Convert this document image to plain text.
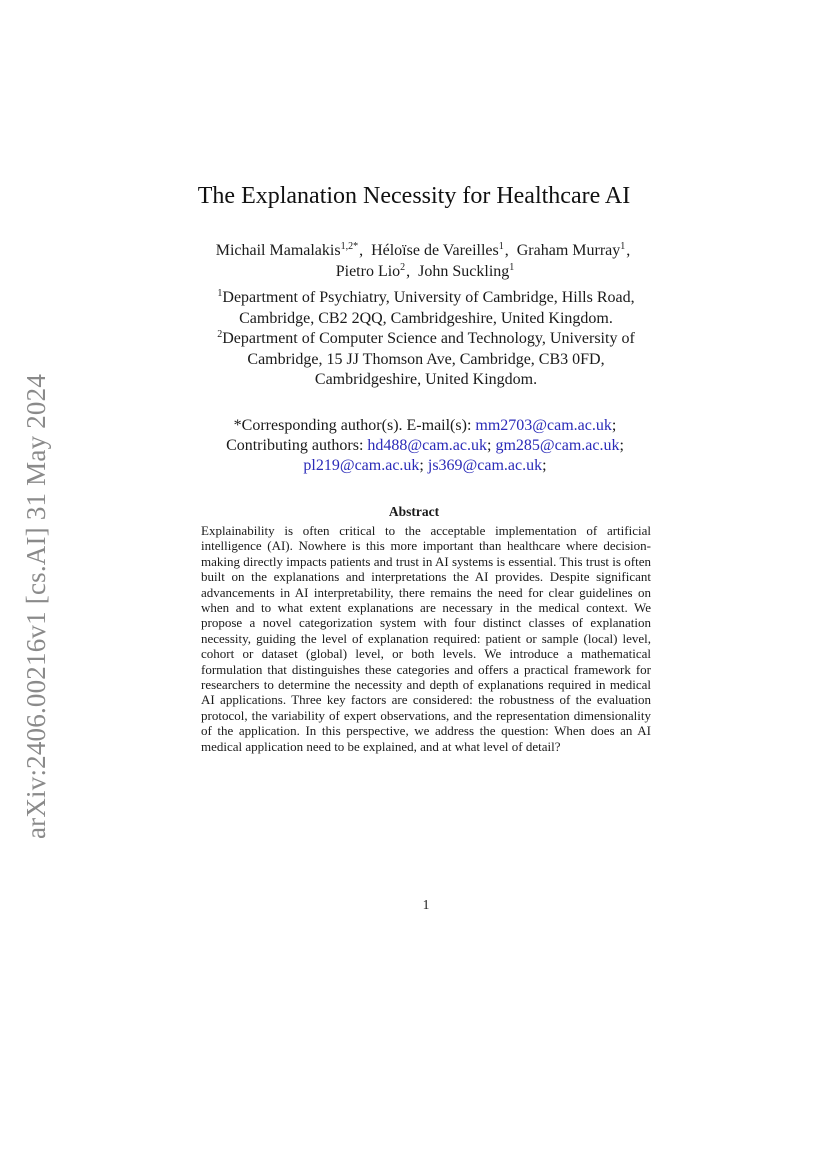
arXiv:2406.00216v1 [cs.AI] 31 May 2024
The Explanation Necessity for Healthcare AI
Michail Mamalakis$^{1,2*}$, Héloïse de Vareilles$^1$, Graham Murray$^1$,
Pietro Lio$^2$, John Suckling$^1$
$^1$Department of Psychiatry, University of Cambridge, Hills Road, Cambridge, CB2 2QQ, Cambridgeshire, United Kingdom.
$^2$Department of Computer Science and Technology, University of Cambridge, 15 JJ Thomson Ave, Cambridge, CB3 0FD, Cambridgeshire, United Kingdom.
*Corresponding author(s). E-mail(s): mm2703@cam.ac.uk;
Contributing authors: hd488@cam.ac.uk; gm285@cam.ac.uk;
pl219@cam.ac.uk; js369@cam.ac.uk;
Abstract
Explainability is often critical to the acceptable implementation of artificial intelligence (AI). Nowhere is this more important than healthcare where decision-making directly impacts patients and trust in AI systems is essential. This trust is often built on the explanations and interpretations the AI provides. Despite significant advancements in AI interpretability, there remains the need for clear guidelines on when and to what extent explanations are necessary in the medical context. We propose a novel categorization system with four distinct classes of explanation necessity, guiding the level of explanation required: patient or sample (local) level, cohort or dataset (global) level, or both levels. We introduce a mathematical formulation that distinguishes these categories and offers a practical framework for researchers to determine the necessity and depth of explanations required in medical AI applications. Three key factors are considered: the robustness of the evaluation protocol, the variability of expert observations, and the representation dimensionality of the application. In this perspective, we address the question: When does an AI medical application need to be explained, and at what level of detail?
1
